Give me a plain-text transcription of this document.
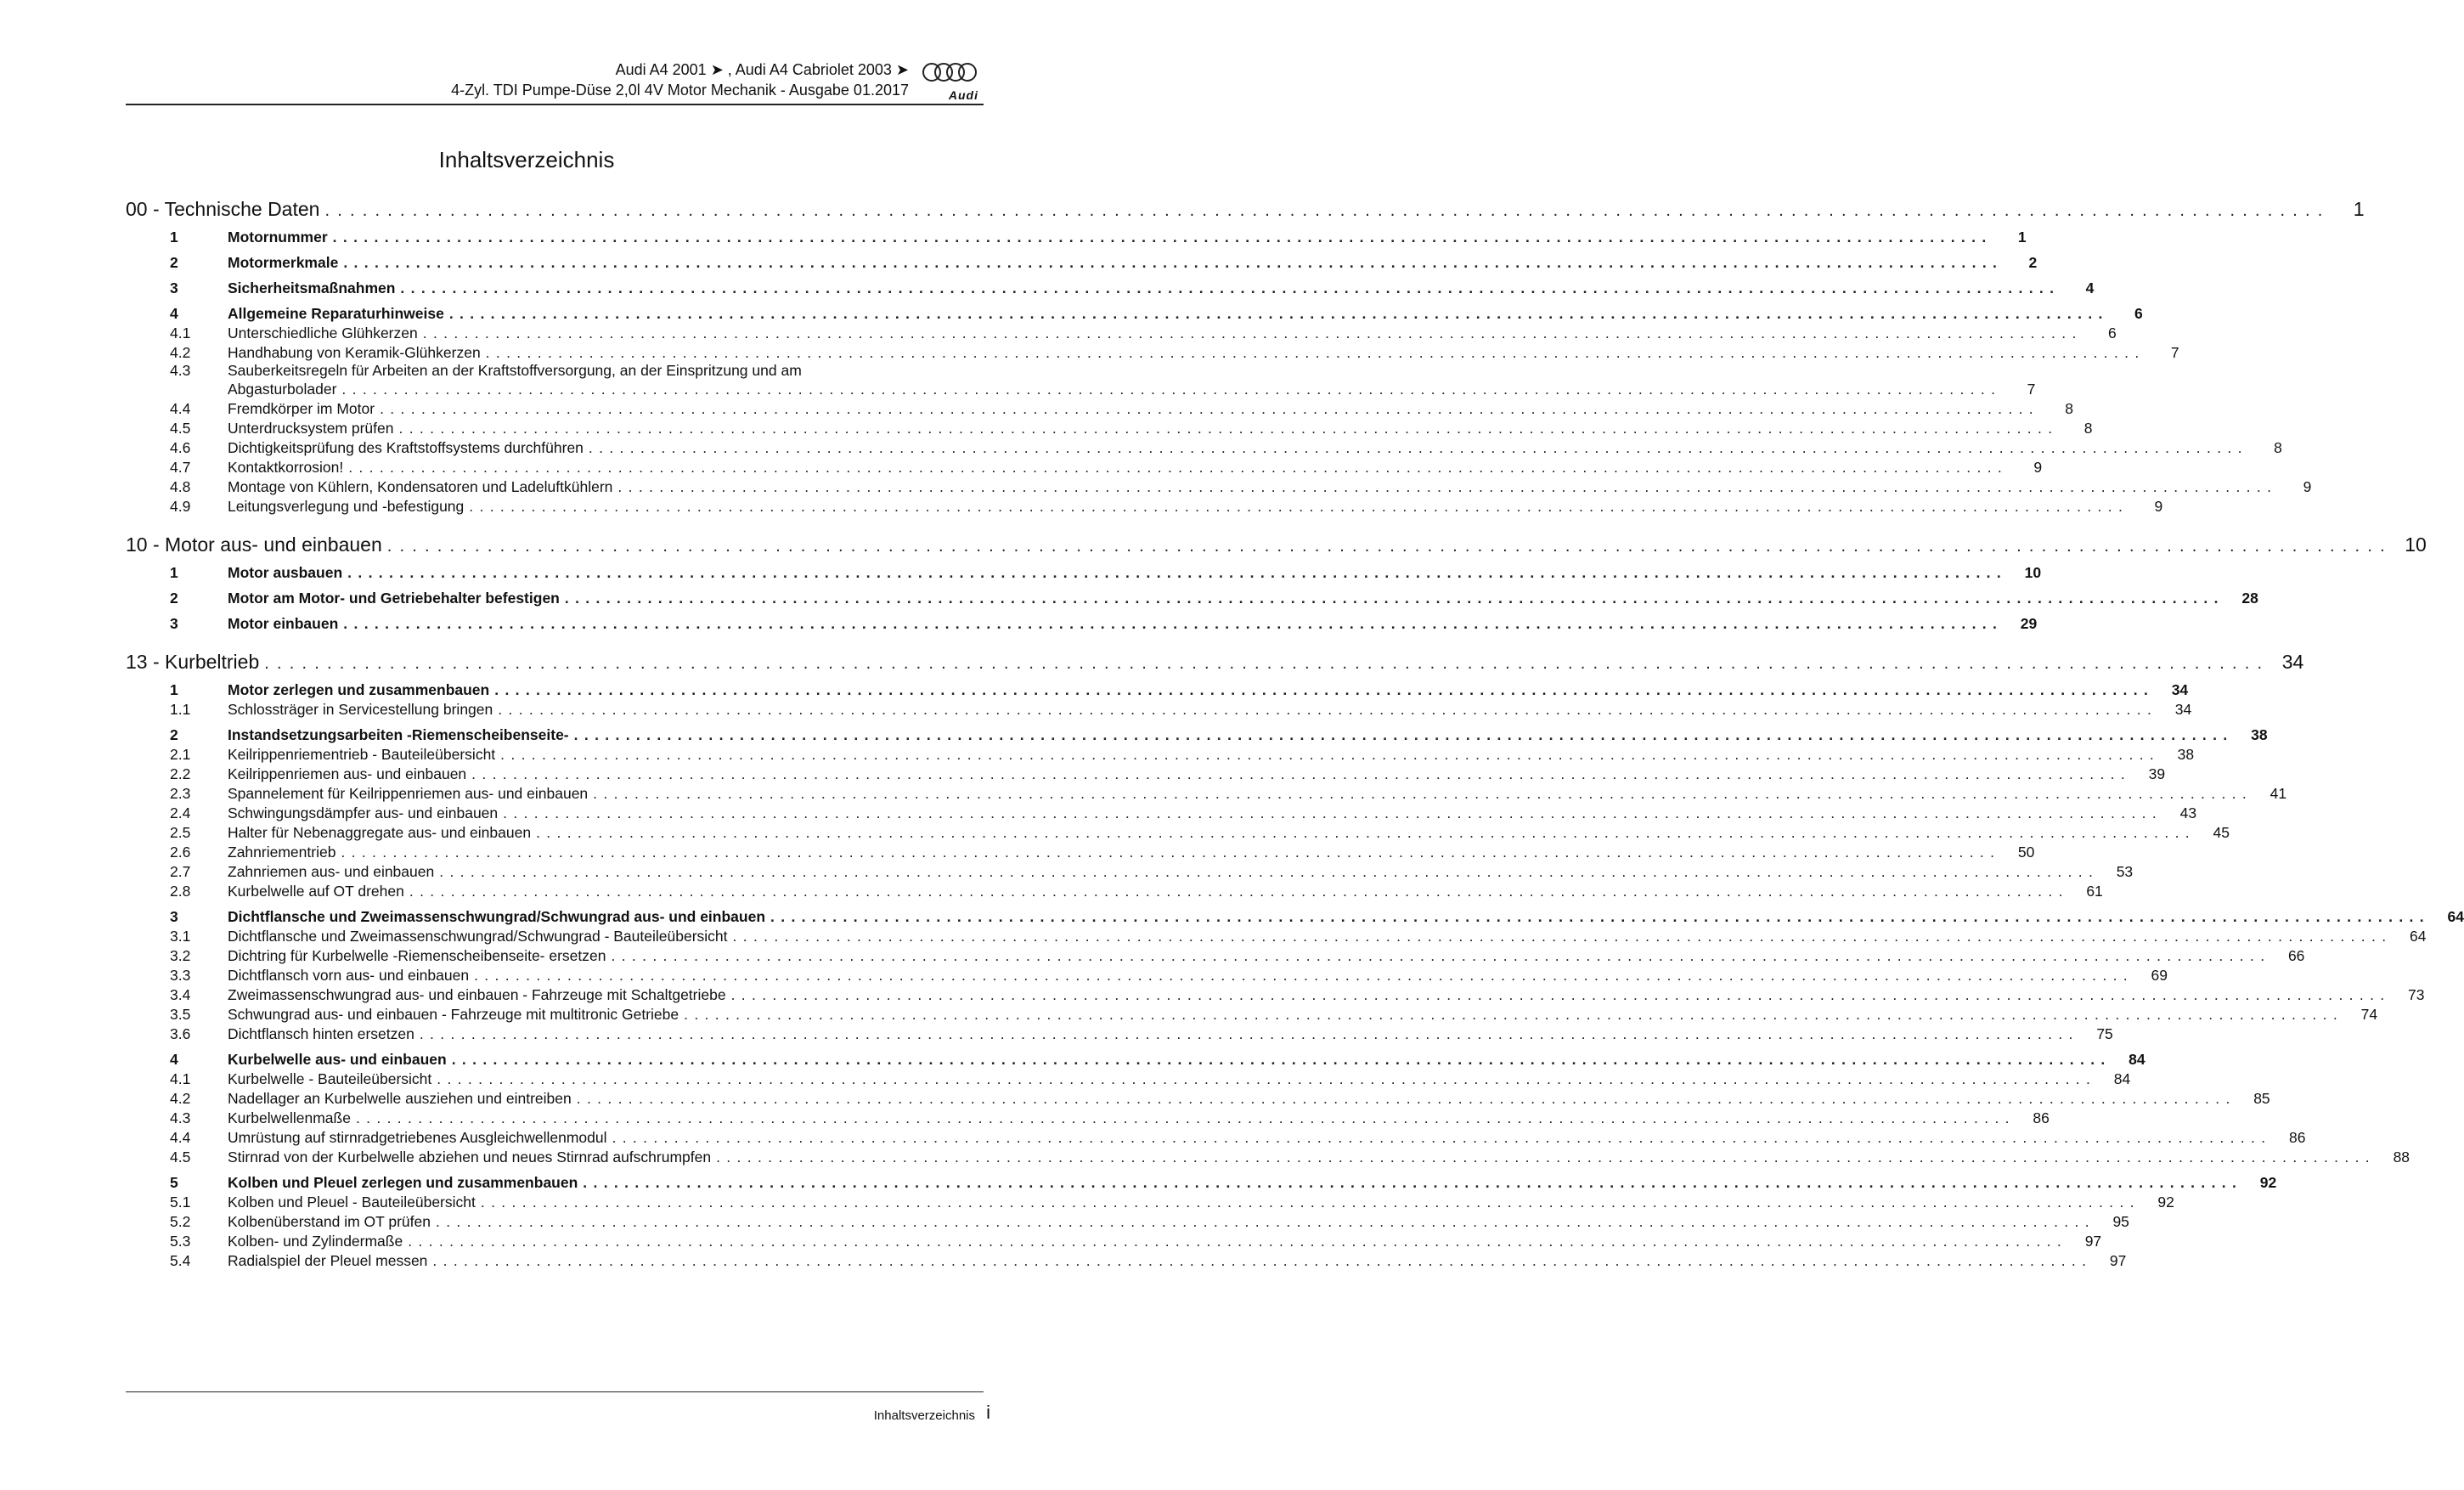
Audi A4 2001 ➤ , Audi A4 Cabriolet 2003 ➤
4-Zyl. TDI Pumpe-Düse 2,0l 4V Motor Mechanik - Ausgabe 01.2017	Audi
Inhaltsverzeichnis
00 - Technische Daten ................................................................................................................................................................	1
1	Motornummer ................................................................................................................................................................	1
2	Motormerkmale ................................................................................................................................................................	2
3	Sicherheitsmaßnahmen ................................................................................................................................................................	4
4	Allgemeine Reparaturhinweise ................................................................................................................................................................	6
4.1	Unterschiedliche Glühkerzen ................................................................................................................................................................	6
4.2	Handhabung von Keramik-Glühkerzen ................................................................................................................................................................	7
4.3	Sauberkeitsregeln für Arbeiten an der Kraftstoffversorgung, an der Einspritzung und am
Abgasturbolader ................................................................................................................................................................	7
4.4	Fremdkörper im Motor ................................................................................................................................................................	8
4.5	Unterdrucksystem prüfen ................................................................................................................................................................	8
4.6	Dichtigkeitsprüfung des Kraftstoffsystems durchführen ................................................................................................................................................................	8
4.7	Kontaktkorrosion! ................................................................................................................................................................	9
4.8	Montage von Kühlern, Kondensatoren und Ladeluftkühlern ................................................................................................................................................................	9
4.9	Leitungsverlegung und -befestigung ................................................................................................................................................................	9
10 - Motor aus- und einbauen ................................................................................................................................................................ 10
1	Motor ausbauen ................................................................................................................................................................	10
2	Motor am Motor- und Getriebehalter befestigen ................................................................................................................................................................	28
3	Motor einbauen ................................................................................................................................................................	29
13 - Kurbeltrieb ................................................................................................................................................................ 34
1	Motor zerlegen und zusammenbauen ................................................................................................................................................................	34
1.1	Schlossträger in Servicestellung bringen ................................................................................................................................................................	34
2	Instandsetzungsarbeiten -Riemenscheibenseite- ................................................................................................................................................................	38
2.1	Keilrippenriementrieb - Bauteileübersicht ................................................................................................................................................................	38
2.2	Keilrippenriemen aus- und einbauen ................................................................................................................................................................	39
2.3	Spannelement für Keilrippenriemen aus- und einbauen ................................................................................................................................................................	41
2.4	Schwingungsdämpfer aus- und einbauen ................................................................................................................................................................	43
2.5	Halter für Nebenaggregate aus- und einbauen ................................................................................................................................................................	45
2.6	Zahnriementrieb ................................................................................................................................................................	50
2.7	Zahnriemen aus- und einbauen ................................................................................................................................................................	53
2.8	Kurbelwelle auf OT drehen ................................................................................................................................................................	61
3	Dichtflansche und Zweimassenschwungrad/Schwungrad aus- und einbauen ................................................................................................................................................................	64
3.1	Dichtflansche und Zweimassenschwungrad/Schwungrad - Bauteileübersicht ................................................................................................................................................................	64
3.2	Dichtring für Kurbelwelle -Riemenscheibenseite- ersetzen ................................................................................................................................................................	66
3.3	Dichtflansch vorn aus- und einbauen ................................................................................................................................................................	69
3.4	Zweimassenschwungrad aus- und einbauen - Fahrzeuge mit Schaltgetriebe ................................................................................................................................................................	73
3.5	Schwungrad aus- und einbauen - Fahrzeuge mit multitronic Getriebe ................................................................................................................................................................	74
3.6	Dichtflansch hinten ersetzen ................................................................................................................................................................	75
4	Kurbelwelle aus- und einbauen ................................................................................................................................................................	84
4.1	Kurbelwelle - Bauteileübersicht ................................................................................................................................................................	84
4.2	Nadellager an Kurbelwelle ausziehen und eintreiben ................................................................................................................................................................	85
4.3	Kurbelwellenmaße ................................................................................................................................................................	86
4.4	Umrüstung auf stirnradgetriebenes Ausgleichwellenmodul ................................................................................................................................................................	86
4.5	Stirnrad von der Kurbelwelle abziehen und neues Stirnrad aufschrumpfen ................................................................................................................................................................	88
5	Kolben und Pleuel zerlegen und zusammenbauen ................................................................................................................................................................	92
5.1	Kolben und Pleuel - Bauteileübersicht ................................................................................................................................................................	92
5.2	Kolbenüberstand im OT prüfen ................................................................................................................................................................	95
5.3	Kolben- und Zylindermaße ................................................................................................................................................................	97
5.4	Radialspiel der Pleuel messen ................................................................................................................................................................	97
Inhaltsverzeichnis i
